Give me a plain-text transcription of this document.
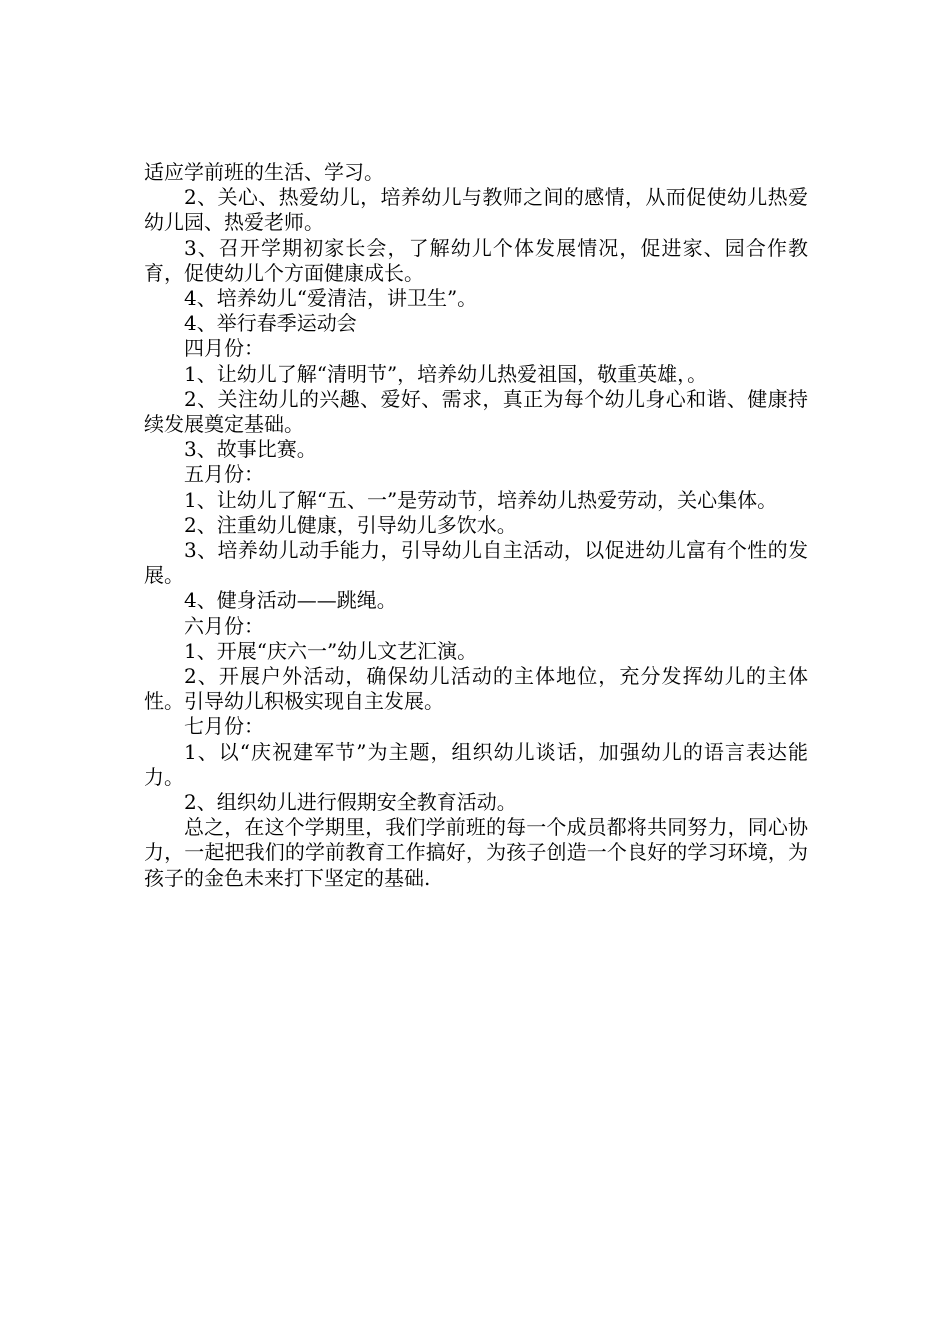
适应学前班的生活、学习。

2、关心、热爱幼儿，培养幼儿与教师之间的感情，从而促使幼儿热爱幼儿园、热爱老师。

3、召开学期初家长会，了解幼儿个体发展情况，促进家、园合作教育，促使幼儿个方面健康成长。

4、培养幼儿“爱清洁，讲卫生”。

4、举行春季运动会

四月份：

1、让幼儿了解“清明节”，培养幼儿热爱祖国，敬重英雄，。

2、关注幼儿的兴趣、爱好、需求，真正为每个幼儿身心和谐、健康持续发展奠定基础。

3、故事比赛。

五月份：

1、让幼儿了解“五、一”是劳动节，培养幼儿热爱劳动，关心集体。

2、注重幼儿健康，引导幼儿多饮水。

3、培养幼儿动手能力，引导幼儿自主活动，以促进幼儿富有个性的发展。

4、健身活动——跳绳。

六月份：

1、开展“庆六一”幼儿文艺汇演。

2、开展户外活动，确保幼儿活动的主体地位，充分发挥幼儿的主体性。引导幼儿积极实现自主发展。

七月份：

1、以“庆祝建军节”为主题，组织幼儿谈话，加强幼儿的语言表达能力。

2、组织幼儿进行假期安全教育活动。

总之，在这个学期里，我们学前班的每一个成员都将共同努力，同心协力，一起把我们的学前教育工作搞好，为孩子创造一个良好的学习环境，为孩子的金色未来打下坚定的基础.
